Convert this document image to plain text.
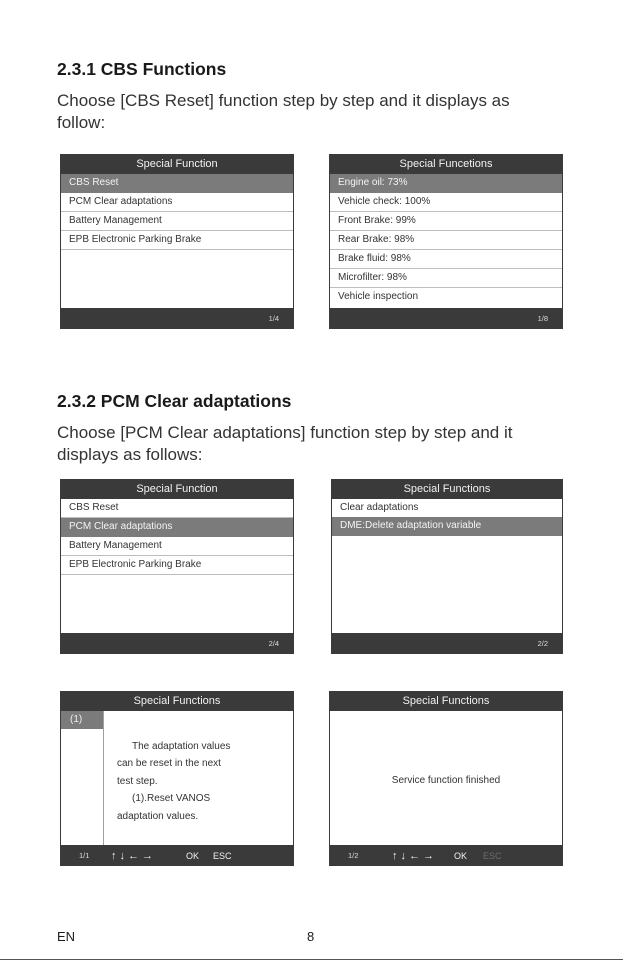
2.3.1 CBS Functions
Choose [CBS Reset] function step by step and it displays as
follow:
Special Function
CBS Reset
PCM Clear adaptations
Battery Management
EPB Electronic Parking Brake
1/4
Special Funcetions
Engine oil: 73%
Vehicle check: 100%
Front Brake: 99%
Rear Brake: 98%
Brake fluid: 98%
Microfilter: 98%
Vehicle inspection
1/8
2.3.2 PCM Clear adaptations
Choose [PCM Clear adaptations] function step by step and it
displays as follows:
Special Function
CBS Reset
PCM Clear adaptations
Battery Management
EPB Electronic Parking Brake
2/4
Special Functions
Clear adaptations
DME:Delete adaptation variable
2/2
Special Functions
(1)
The adaptation values
can be reset in the next
test step.
(1).Reset VANOS
adaptation values.
1/1 ↑↓←→	OK ESC
Special Functions
Service function finished
1/2	↑↓←→ OK ESC
EN	8
